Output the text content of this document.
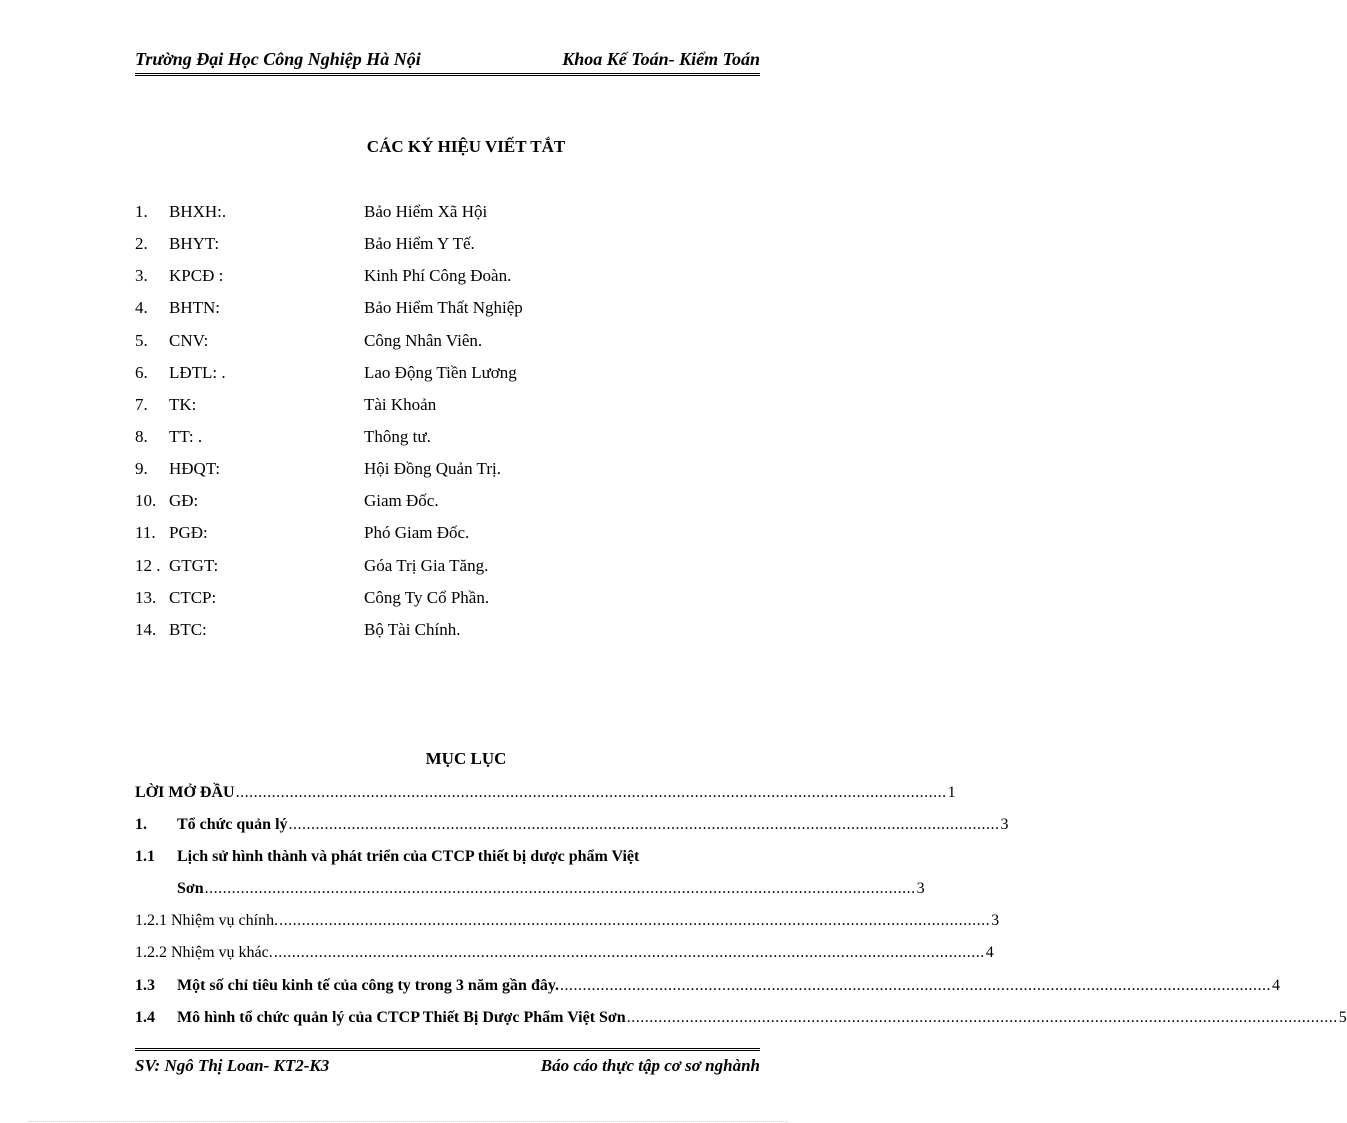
Trường Đại Học Công Nghiệp Hà Nội	Khoa Kế Toán- Kiểm Toán
CÁC KÝ HIỆU VIẾT TẮT
1. BHXH:.	Bảo Hiểm Xã Hội
2. BHYT:	Bảo Hiểm Y Tế.
3. KPCĐ :	Kinh Phí Công Đoàn.
4. BHTN:	Bảo Hiểm Thất Nghiệp
5. CNV:	Công Nhân Viên.
6. LĐTL: .	Lao Động Tiền Lương
7. TK:	Tài Khoản
8. TT: .	Thông tư.
9. HĐQT:	Hội Đồng Quản Trị.
10. GĐ:	Giam Đốc.
11. PGĐ:	Phó Giam Đốc.
12 . GTGT:	Góa Trị Gia Tăng.
13. CTCP:	Công Ty Cổ Phần.
14. BTC:	Bộ Tài Chính.
MỤC LỤC
LỜI MỞ ĐẦU .............................................................................................................................................................. 1
1. Tổ chức quản lý .............................................................................................................................................................. 3
1.1 Lịch sử hình thành và phát triển của CTCP thiết bị dược phẩm Việt
Sơn .............................................................................................................................................................. 3
1.2.1 Nhiệm vụ chính. .............................................................................................................................................................. 3
1.2.2 Nhiệm vụ khác. .............................................................................................................................................................. 4
1.3 Một số chỉ tiêu kinh tế của công ty trong 3 năm gần đây. .............................................................................................................................................................. 4
1.4 Mô hình tổ chức quản lý của CTCP Thiết Bị Dược Phẩm Việt Sơn .............................................................................................................................................................. 5
SV: Ngô Thị Loan- KT2-K3	Báo cáo thực tập cơ sơ nghành
